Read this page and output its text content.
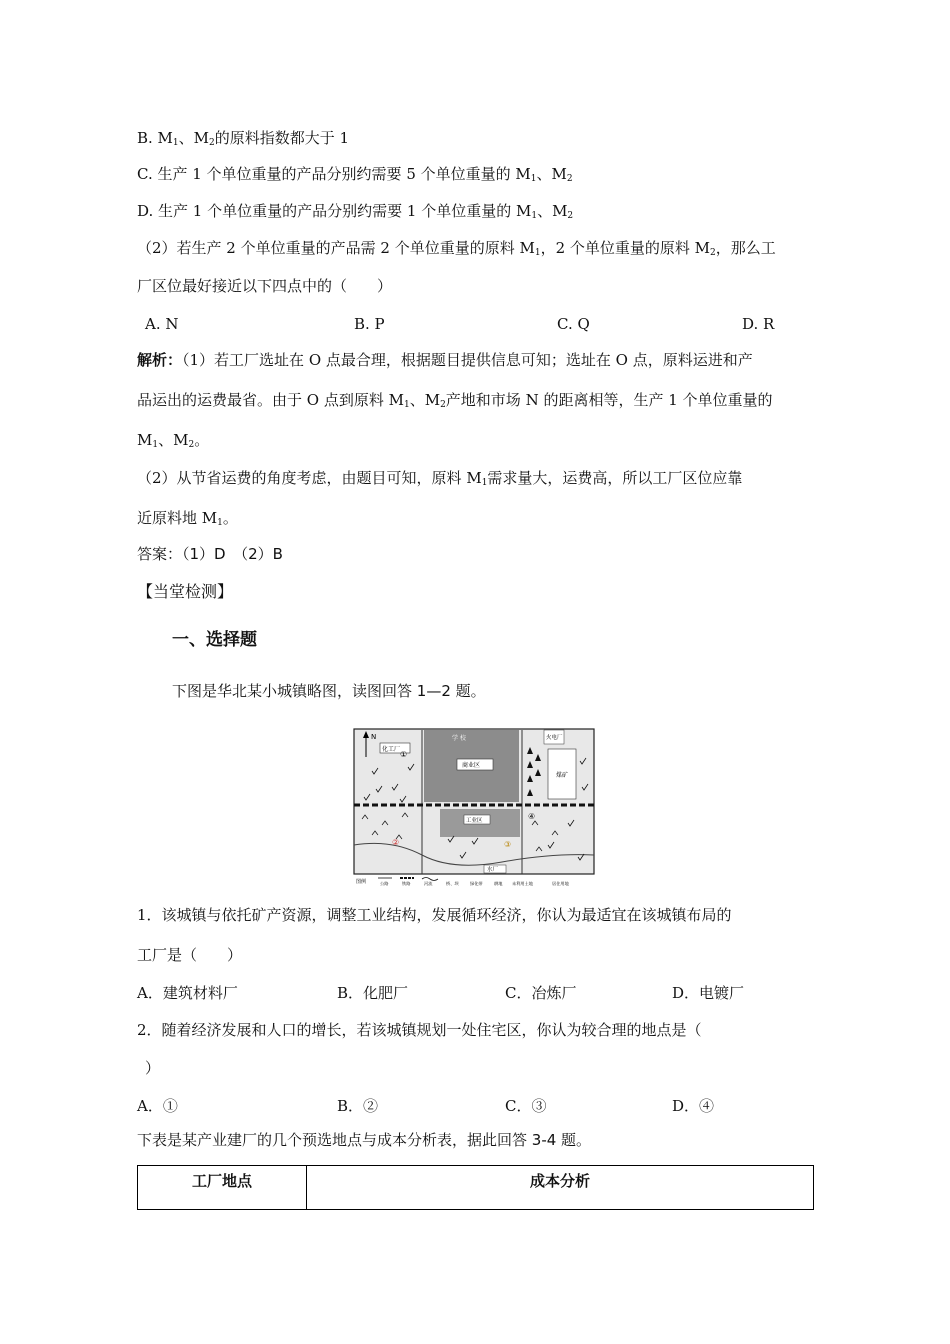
B. $M_1$、$M_2$的原料指数都大于 1
C. 生产 1 个单位重量的产品分别约需要 5 个单位重量的 $M_1$、$M_2$
D. 生产 1 个单位重量的产品分别约需要 1 个单位重量的 $M_1$、$M_2$
（2）若生产 2 个单位重量的产品需 2 个单位重量的原料 $M_1$，2 个单位重量的原料 $M_2$，那么工
厂区位最好接近以下四点中的（　　）
A. N	B. P	C. Q	D. R
解析：（1）若工厂选址在 O 点最合理，根据题目提供信息可知；选址在 O 点，原料运进和产
品运出的运费最省。由于 O 点到原料 $M_1$、$M_2$产地和市场 N 的距离相等，生产 1 个单位重量的
$M_1$、$M_2$。
（2）从节省运费的角度考虑，由题目可知，原料 $M_1$需求量大，运费高，所以工厂区位应靠
近原料地 $M_1$。
答案：（1）D　（2）B
【当堂检测】
一、选择题
下图是华北某小城镇略图，读图回答 1—2 题。
N
化工厂
学 校
商业区
工业区
水厂
火电厂
煤矿
①
②	③
④
图例	公路	铁路	河流	桥、坝	绿化带	耕地 未利用土地	居住用地
1．该城镇与依托矿产资源，调整工业结构，发展循环经济，你认为最适宜在该城镇布局的
工厂是（　　）
A．建筑材料厂	B．化肥厂	C．冶炼厂	D．电镀厂
2．随着经济发展和人口的增长，若该城镇规划一处住宅区，你认为较合理的地点是（
）
A．①	B．②	C．③	D．④
下表是某产业建厂的几个预选地点与成本分析表，据此回答 3-4 题。
工厂地点	成本分析
